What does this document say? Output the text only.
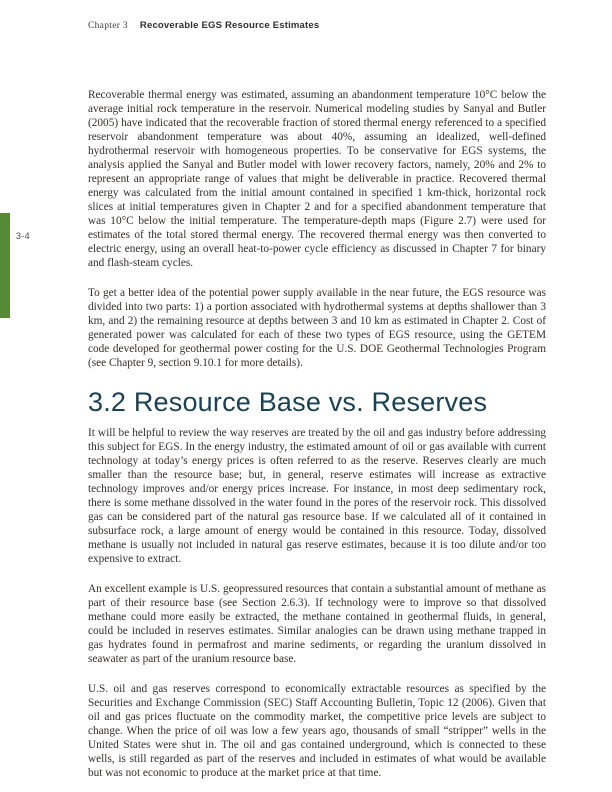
Chapter 3 Recoverable EGS Resource Estimates
3-4

Recoverable thermal energy was estimated, assuming an abandonment temperature 10°C below the average initial rock temperature in the reservoir. Numerical modeling studies by Sanyal and Butler (2005) have indicated that the recoverable fraction of stored thermal energy referenced to a specified reservoir abandonment temperature was about 40%, assuming an idealized, well-defined hydrothermal reservoir with homogeneous properties. To be conservative for EGS systems, the analysis applied the Sanyal and Butler model with lower recovery factors, namely, 20% and 2% to represent an appropriate range of values that might be deliverable in practice. Recovered thermal energy was calculated from the initial amount contained in specified 1 km-thick, horizontal rock slices at initial temperatures given in Chapter 2 and for a specified abandonment temperature that was 10°C below the initial temperature. The temperature-depth maps (Figure 2.7) were used for estimates of the total stored thermal energy. The recovered thermal energy was then converted to electric energy, using an overall heat-to-power cycle efficiency as discussed in Chapter 7 for binary and flash-steam cycles.

To get a better idea of the potential power supply available in the near future, the EGS resource was divided into two parts: 1) a portion associated with hydrothermal systems at depths shallower than 3 km, and 2) the remaining resource at depths between 3 and 10 km as estimated in Chapter 2. Cost of generated power was calculated for each of these two types of EGS resource, using the GETEM code developed for geothermal power costing for the U.S. DOE Geothermal Technologies Program (see Chapter 9, section 9.10.1 for more details).

3.2 Resource Base vs. Reserves

It will be helpful to review the way reserves are treated by the oil and gas industry before addressing this subject for EGS. In the energy industry, the estimated amount of oil or gas available with current technology at today’s energy prices is often referred to as the reserve. Reserves clearly are much smaller than the resource base; but, in general, reserve estimates will increase as extractive technology improves and/or energy prices increase. For instance, in most deep sedimentary rock, there is some methane dissolved in the water found in the pores of the reservoir rock. This dissolved gas can be considered part of the natural gas resource base. If we calculated all of it contained in subsurface rock, a large amount of energy would be contained in this resource. Today, dissolved methane is usually not included in natural gas reserve estimates, because it is too dilute and/or too expensive to extract.

An excellent example is U.S. geopressured resources that contain a substantial amount of methane as part of their resource base (see Section 2.6.3). If technology were to improve so that dissolved methane could more easily be extracted, the methane contained in geothermal fluids, in general, could be included in reserves estimates. Similar analogies can be drawn using methane trapped in gas hydrates found in permafrost and marine sediments, or regarding the uranium dissolved in seawater as part of the uranium resource base.

U.S. oil and gas reserves correspond to economically extractable resources as specified by the Securities and Exchange Commission (SEC) Staff Accounting Bulletin, Topic 12 (2006). Given that oil and gas prices fluctuate on the commodity market, the competitive price levels are subject to change. When the price of oil was low a few years ago, thousands of small “stripper” wells in the United States were shut in. The oil and gas contained underground, which is connected to these wells, is still regarded as part of the reserves and included in estimates of what would be available but was not economic to produce at the market price at that time.
